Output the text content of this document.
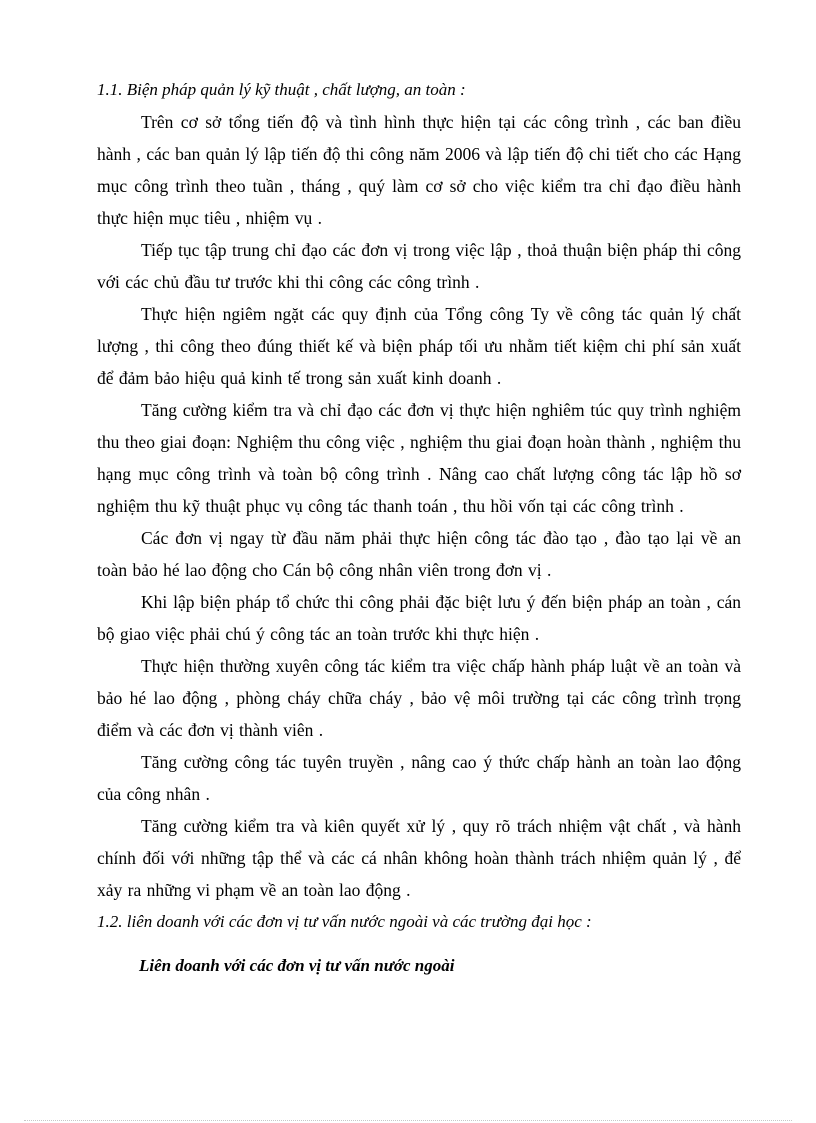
1.1. Biện pháp quản lý kỹ thuật , chất lượng, an toàn :

Trên cơ sở tổng tiến độ và tình hình thực hiện tại các công trình , các ban điều hành , các ban quản lý lập tiến độ thi công năm 2006 và lập tiến độ chi tiết cho các Hạng mục công trình theo tuần , tháng , quý làm cơ sở cho việc kiểm tra chỉ đạo điều hành thực hiện mục tiêu , nhiệm vụ .

Tiếp tục tập trung chỉ đạo các đơn vị trong việc lập , thoả thuận biện pháp thi công với các chủ đầu tư trước khi thi công các công trình .

Thực hiện ngiêm ngặt các quy định của Tổng công Ty về công tác quản lý chất lượng , thi công theo đúng thiết kế và biện pháp tối ưu nhằm tiết kiệm chi phí sản xuất để đảm bảo hiệu quả kinh tế trong sản xuất kinh doanh .

Tăng cường kiểm tra và chỉ đạo các đơn vị thực hiện nghiêm túc quy trình nghiệm thu theo giai đoạn: Nghiệm thu công việc , nghiệm thu giai đoạn hoàn thành , nghiệm thu hạng mục công trình và toàn bộ công trình . Nâng cao chất lượng công tác lập hồ sơ nghiệm thu kỹ thuật phục vụ công tác thanh toán , thu hồi vốn tại các công trình .

Các đơn vị ngay từ đầu năm phải thực hiện công tác đào tạo , đào tạo lại về an toàn bảo hé lao động cho Cán bộ công nhân viên trong đơn vị .

Khi lập biện pháp tổ chức thi công phải đặc biệt lưu ý đến biện pháp an toàn , cán bộ giao việc phải chú ý công tác an toàn trước khi thực hiện .

Thực hiện thường xuyên công tác kiểm tra việc chấp hành pháp luật về an toàn và bảo hé lao động , phòng cháy chữa cháy , bảo vệ môi trường tại các công trình trọng điểm và các đơn vị thành viên .

Tăng cường công tác tuyên truyền , nâng cao ý thức chấp hành an toàn lao động của công nhân .

Tăng cường kiểm tra và kiên quyết xử lý , quy rõ trách nhiệm vật chất , và hành chính đối với những tập thể và các cá nhân không hoàn thành trách nhiệm quản lý , để xảy ra những vi phạm về an toàn lao động .

1.2. liên doanh với các đơn vị tư vấn nước ngoài và các trường đại học :

Liên doanh với các đơn vị tư vấn nước ngoài
